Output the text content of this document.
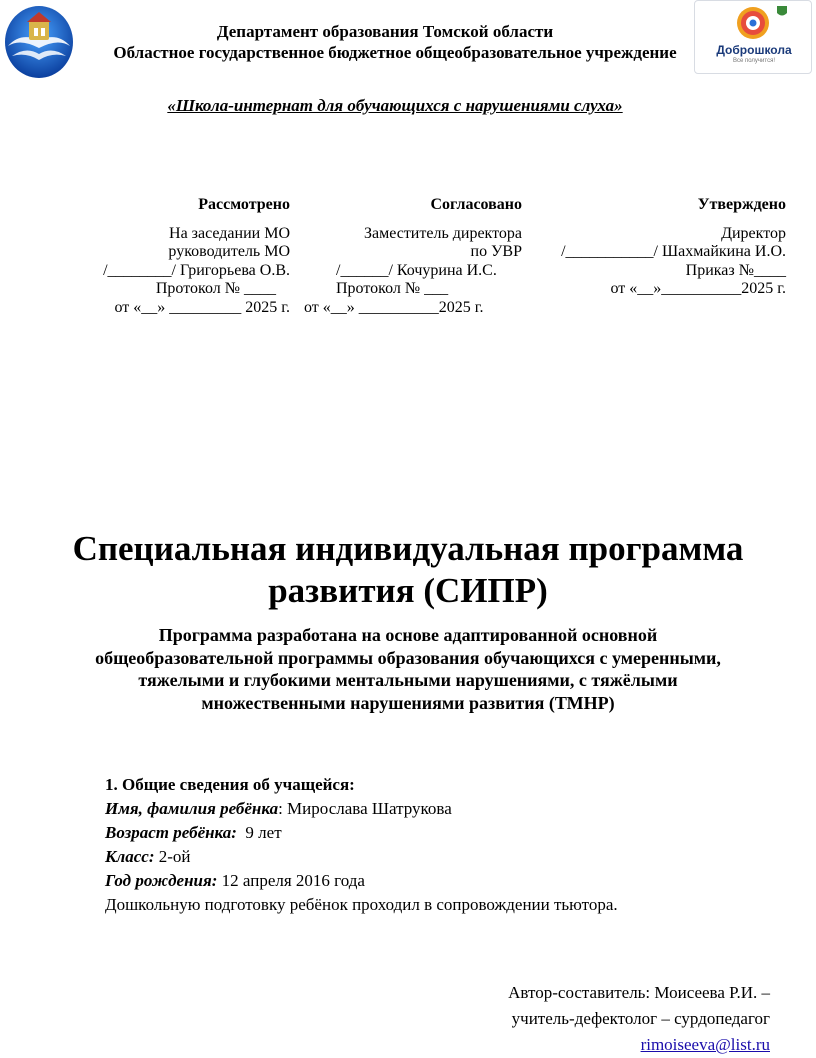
Доброшкола
Все получится!
Департамент образования Томской области
Областное государственное бюджетное общеобразовательное учреждение
«Школа-интернат для обучающихся с нарушениями слуха»
Рассмотрено
На заседании МО
руководитель МО
/________/ Григорьева О.В.
Протокол № ____
от «__» _________ 2025 г.
Согласовано
Заместитель директора
по УВР
/______/ Кочурина И.С.
Протокол № ___
от «__» __________2025 г.
Утверждено
Директор
/___________/ Шахмайкина И.О.
Приказ №____
от «__»__________2025 г.
Специальная индивидуальная программа
развития (СИПР)
Программа разработана на основе адаптированной основной
общеобразовательной программы образования обучающихся с умеренными,
тяжелыми и глубокими ментальными нарушениями, с тяжёлыми
множественными нарушениями развития (ТМНР)
1. Общие сведения об учащейся:
Имя, фамилия ребёнка: Мирослава Шатрукова
Возраст ребёнка:  9 лет
Класс: 2-ой
Год рождения: 12 апреля 2016 года
Дошкольную подготовку ребёнок проходил в сопровождении тьютора.
Автор-составитель: Моисеева Р.И. –
учитель-дефектолог – сурдопедагог
rimoiseeva@list.ru
